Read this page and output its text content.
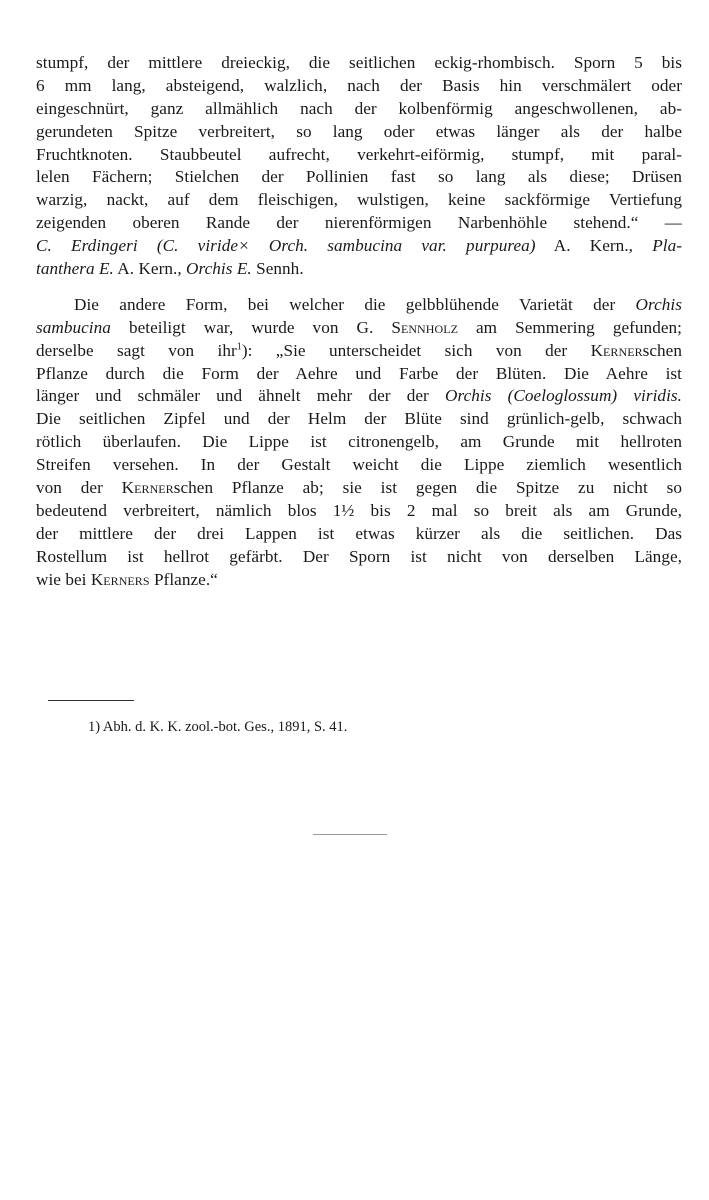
stumpf, der mittlere dreieckig, die seitlichen eckig-rhombisch. Sporn 5 bis
6 mm lang, absteigend, walzlich, nach der Basis hin verschmälert oder
eingeschnürt, ganz allmählich nach der kolbenförmig angeschwollenen, ab-
gerundeten Spitze verbreitert, so lang oder etwas länger als der halbe
Fruchtknoten. Staubbeutel aufrecht, verkehrt-eiförmig, stumpf, mit paral-
lelen Fächern; Stielchen der Pollinien fast so lang als diese; Drüsen
warzig, nackt, auf dem fleischigen, wulstigen, keine sackförmige Vertiefung
zeigenden oberen Rande der nierenförmigen Narbenhöhle stehend.“ —
C. Erdingeri (C. viride× Orch. sambucina var. purpurea) A. Kern., Pla-
tanthera E. A. Kern., Orchis E. Sennh.
Die andere Form, bei welcher die gelbblühende Varietät der Orchis
sambucina beteiligt war, wurde von G. Sennholz am Semmering gefunden;
derselbe sagt von ihr$^1$): „Sie unterscheidet sich von der Kernerschen
Pflanze durch die Form der Aehre und Farbe der Blüten. Die Aehre ist
länger und schmäler und ähnelt mehr der der Orchis (Coeloglossum) viridis.
Die seitlichen Zipfel und der Helm der Blüte sind grünlich-gelb, schwach
rötlich überlaufen. Die Lippe ist citronengelb, am Grunde mit hellroten
Streifen versehen. In der Gestalt weicht die Lippe ziemlich wesentlich
von der Kernerschen Pflanze ab; sie ist gegen die Spitze zu nicht so
bedeutend verbreitert, nämlich blos 1½ bis 2 mal so breit als am Grunde,
der mittlere der drei Lappen ist etwas kürzer als die seitlichen. Das
Rostellum ist hellrot gefärbt. Der Sporn ist nicht von derselben Länge,
wie bei Kerners Pflanze.“
1) Abh. d. K. K. zool.-bot. Ges., 1891, S. 41.
